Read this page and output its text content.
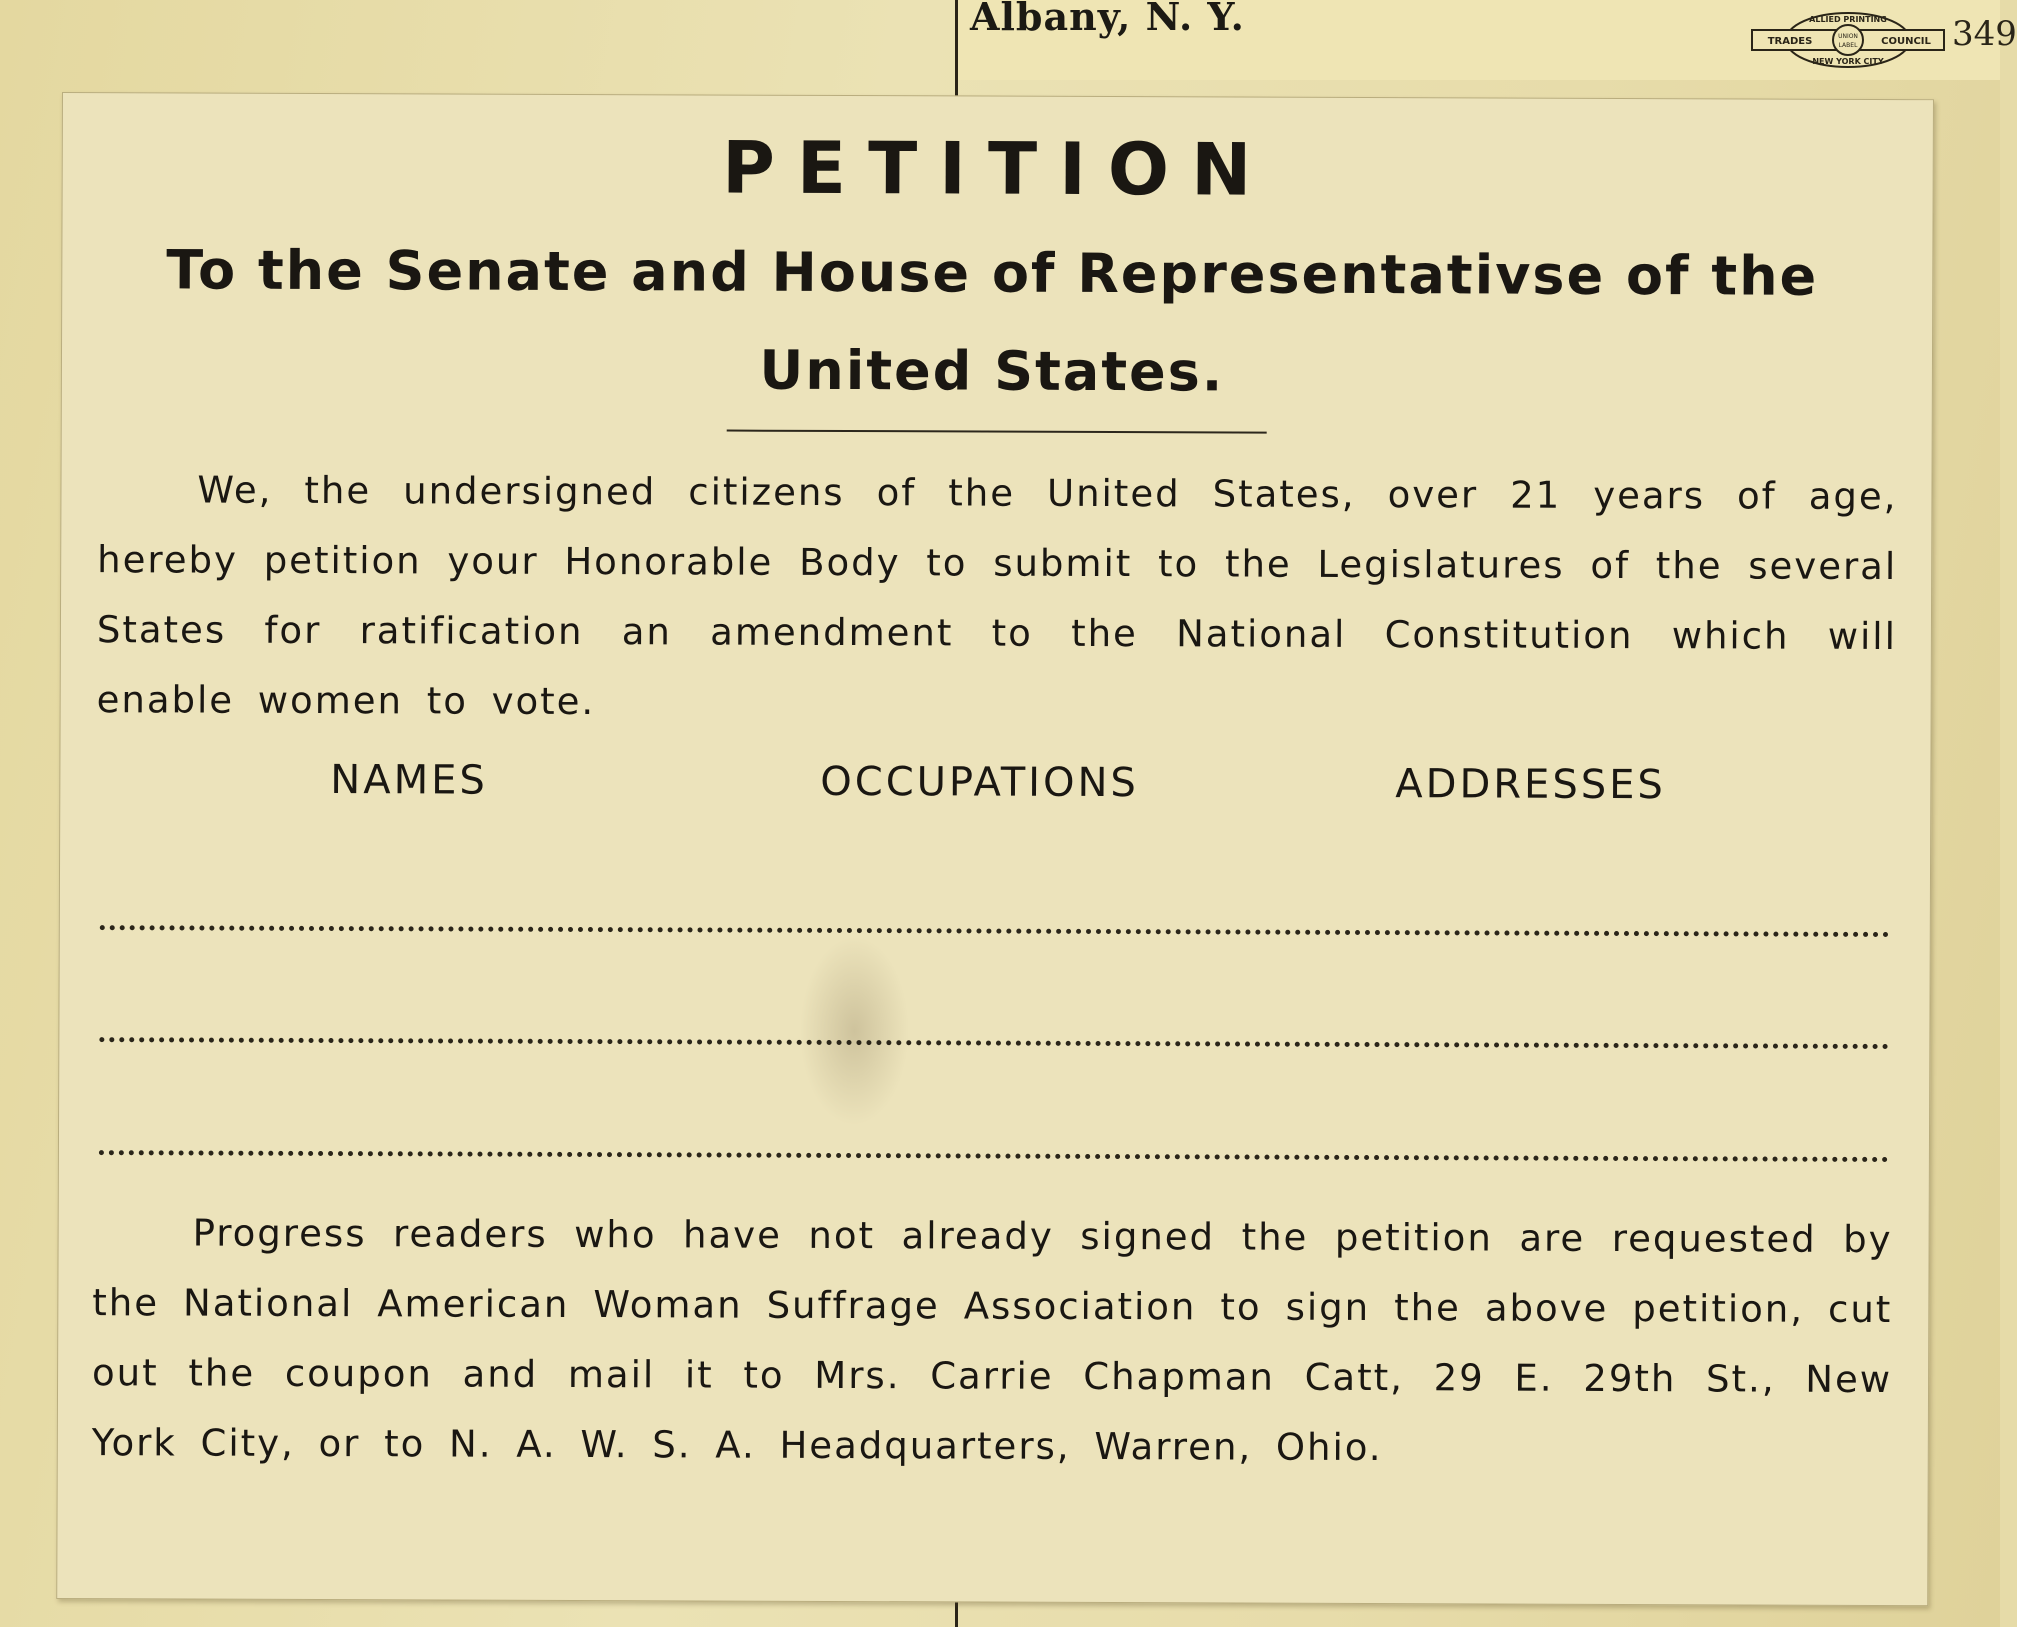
Albany, N. Y.	ALLIED PRINTING
TRADES	UNION
LABEL COUNCIL
NEW YORK CITY
349
PETITION
To the Senate and House of Representativse of the United States.

We, the undersigned citizens of the United States, over 21 years of age, hereby petition your Honorable Body to submit to the Legislatures of the several States for ratification an amendment to the National Constitution which will enable women to vote.

NAMES	OCCUPATIONS	ADDRESSES

Progress readers who have not already signed the petition are requested by the National American Woman Suffrage Association to sign the above petition, cut out the coupon and mail it to Mrs. Carrie Chapman Catt, 29 E. 29th St., New York City, or to N. A. W. S. A. Headquarters, Warren, Ohio.
